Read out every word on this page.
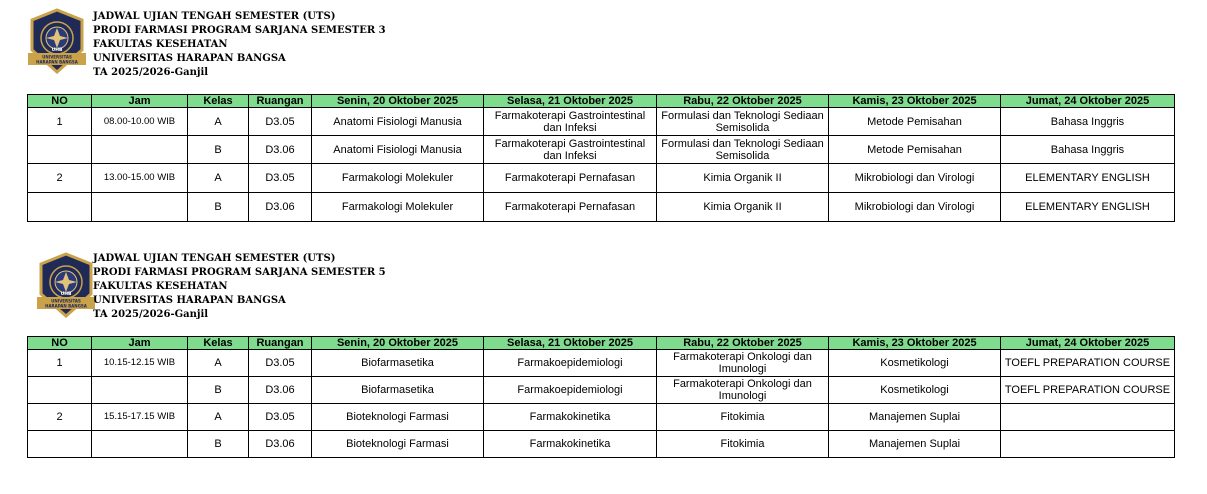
UHB
UNIVERSITAS
HARAPAN BANGSA
JADWAL UJIAN TENGAH SEMESTER (UTS)
PRODI FARMASI PROGRAM SARJANA SEMESTER 3
FAKULTAS KESEHATAN
UNIVERSITAS HARAPAN BANGSA
TA 2025/2026-Ganjil
NO	Jam	Kelas	Ruangan	Senin, 20 Oktober 2025	Selasa, 21 Oktober 2025	Rabu, 22 Oktober 2025	Kamis, 23 Oktober 2025	Jumat, 24 Oktober 2025
1	08.00-10.00 WIB	A	D3.05	Anatomi Fisiologi Manusia	Farmakoterapi Gastrointestinal dan Infeksi	Formulasi dan Teknologi Sediaan Semisolida	Metode Pemisahan	Bahasa Inggris
		B	D3.06	Anatomi Fisiologi Manusia	Farmakoterapi Gastrointestinal dan Infeksi	Formulasi dan Teknologi Sediaan Semisolida	Metode Pemisahan	Bahasa Inggris
2	13.00-15.00 WIB	A	D3.05	Farmakologi Molekuler	Farmakoterapi Pernafasan	Kimia Organik II	Mikrobiologi dan Virologi	ELEMENTARY ENGLISH
		B	D3.06	Farmakologi Molekuler	Farmakoterapi Pernafasan	Kimia Organik II	Mikrobiologi dan Virologi	ELEMENTARY ENGLISH
UHB
UNIVERSITAS
HARAPAN BANGSA
JADWAL UJIAN TENGAH SEMESTER (UTS)
PRODI FARMASI PROGRAM SARJANA SEMESTER 5
FAKULTAS KESEHATAN
UNIVERSITAS HARAPAN BANGSA
TA 2025/2026-Ganjil
NO	Jam	Kelas	Ruangan	Senin, 20 Oktober 2025	Selasa, 21 Oktober 2025	Rabu, 22 Oktober 2025	Kamis, 23 Oktober 2025	Jumat, 24 Oktober 2025
1	10.15-12.15 WIB	A	D3.05	Biofarmasetika	Farmakoepidemiologi	Farmakoterapi Onkologi dan Imunologi	Kosmetikologi	TOEFL PREPARATION COURSE
		B	D3.06	Biofarmasetika	Farmakoepidemiologi	Farmakoterapi Onkologi dan Imunologi	Kosmetikologi	TOEFL PREPARATION COURSE
2	15.15-17.15 WIB	A	D3.05	Bioteknologi Farmasi	Farmakokinetika	Fitokimia	Manajemen Suplai	
		B	D3.06	Bioteknologi Farmasi	Farmakokinetika	Fitokimia	Manajemen Suplai	
